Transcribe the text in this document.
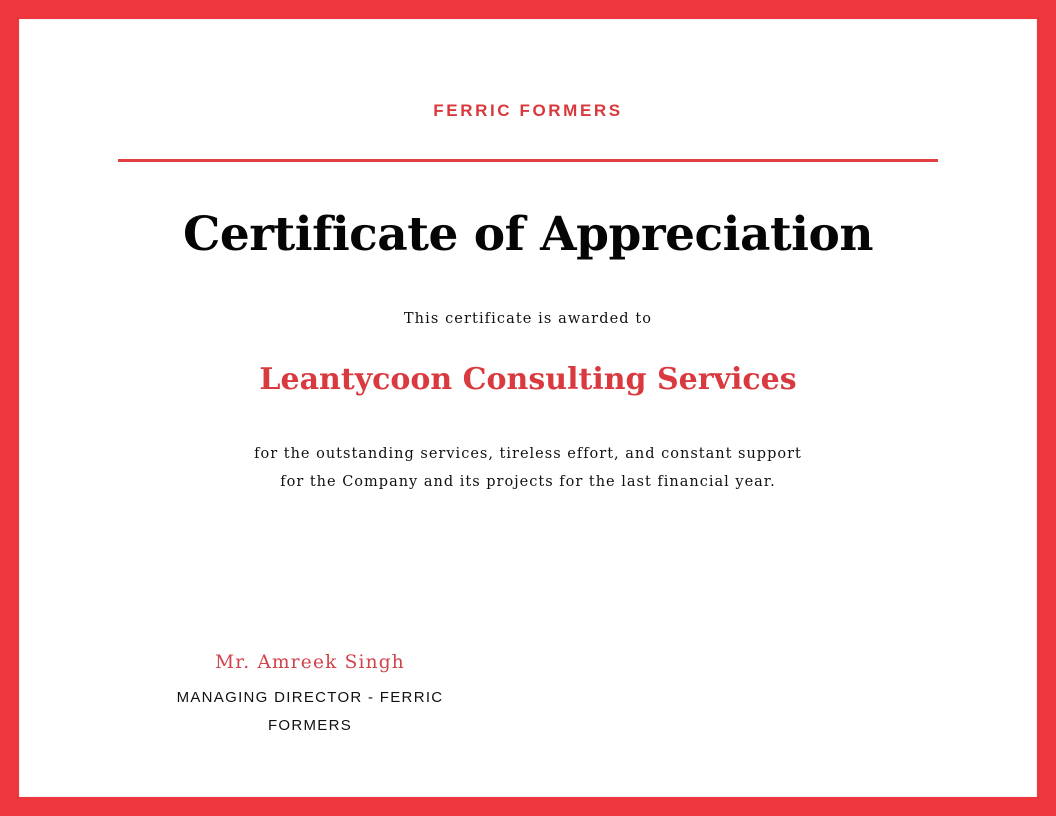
FERRIC FORMERS
Certificate of Appreciation
This certificate is awarded to
Leantycoon Consulting Services
for the outstanding services, tireless effort, and constant support
for the Company and its projects for the last financial year.
Mr. Amreek Singh
MANAGING DIRECTOR - FERRIC FORMERS
